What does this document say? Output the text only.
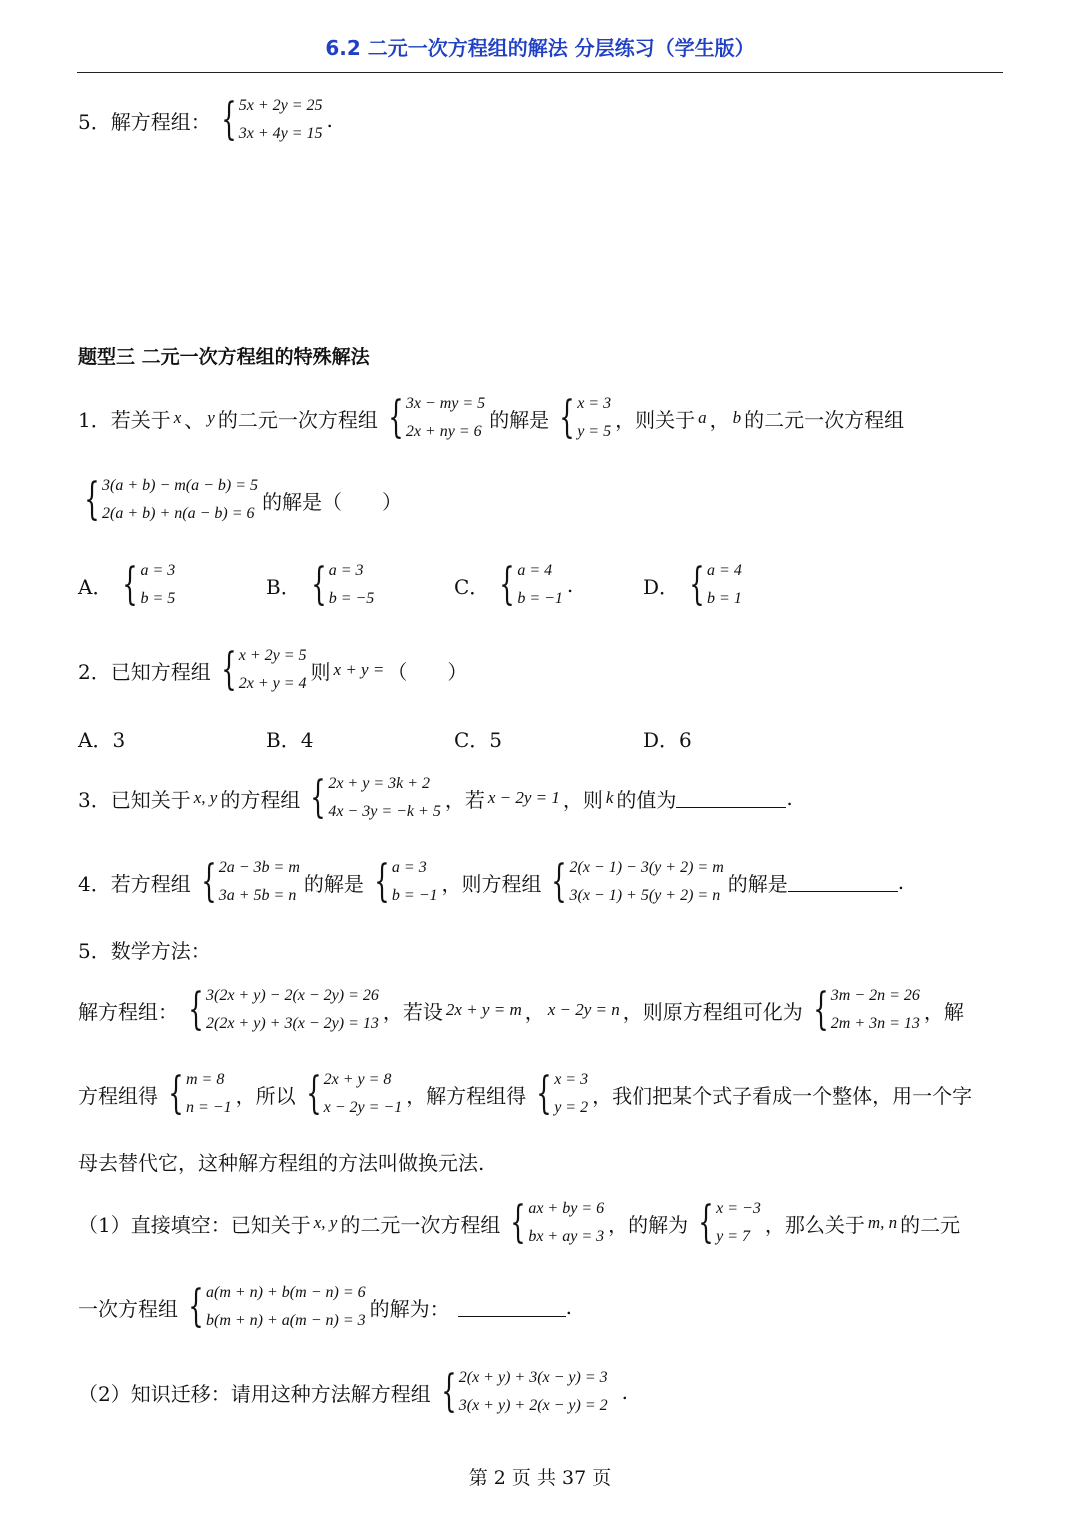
6.2 二元一次方程组的解法 分层练习（学生版）
5．解方程组： { 5x + 2y = 25
3x + 4y = 15
.
题型三 二元一次方程组的特殊解法
1．若关于 x 、 y 的二元一次方程组 { 3x − my = 5
2x + ny = 6 的解是 { x = 3
y = 5 ，则关于 a ， b 的二元一次方程组
{ 3(a + b) − m(a − b) = 5
2(a + b) + n(a − b) = 6 的解是（　　）
A． { a = 3
b = 5	B． { a = 3
b = −5	C． { a = 4
b = −1
.	D． { a = 4
b = 1
2．已知方程组 { x + 2y = 5
2x + y = 4 则 x + y = （　　）
A．3	B．4	C．5	D．6
3．已知关于 x, y 的方程组 { 2x + y = 3k + 2
4x − 3y = −k + 5 ，若 x − 2y = 1 ，则 k 的值为	.
4．若方程组 { 2a − 3b = m
3a + 5b = n 的解是 { a = 3
b = −1 ，则方程组 { 2(x − 1) − 3(y + 2) = m
3(x − 1) + 5(y + 2) = n 的解是	.
5．数学方法：
解方程组： { 3(2x + y) − 2(x − 2y) = 26
2(2x + y) + 3(x − 2y) = 13 ，若设 2x + y = m ， x − 2y = n ，则原方程组可化为 { 3m − 2n = 26
2m + 3n = 13 ，解
方程组得 { m = 8
n = −1 ，所以 { 2x + y = 8
x − 2y = −1 ，解方程组得 { x = 3
y = 2 ，我们把某个式子看成一个整体，用一个字
母去替代它，这种解方程组的方法叫做换元法.
（1）直接填空：已知关于 x, y 的二元一次方程组 { ax + by = 6
bx + ay = 3 ，的解为 { x = −3
y = 7 ，那么关于 m, n 的二元
一次方程组 { a(m + n) + b(m − n) = 6
b(m + n) + a(m − n) = 3 的解为：	.
（2）知识迁移：请用这种方法解方程组 { 2(x + y) + 3(x − y) = 3
3(x + y) + 2(x − y) = 2
.
第 2 页 共 37 页
